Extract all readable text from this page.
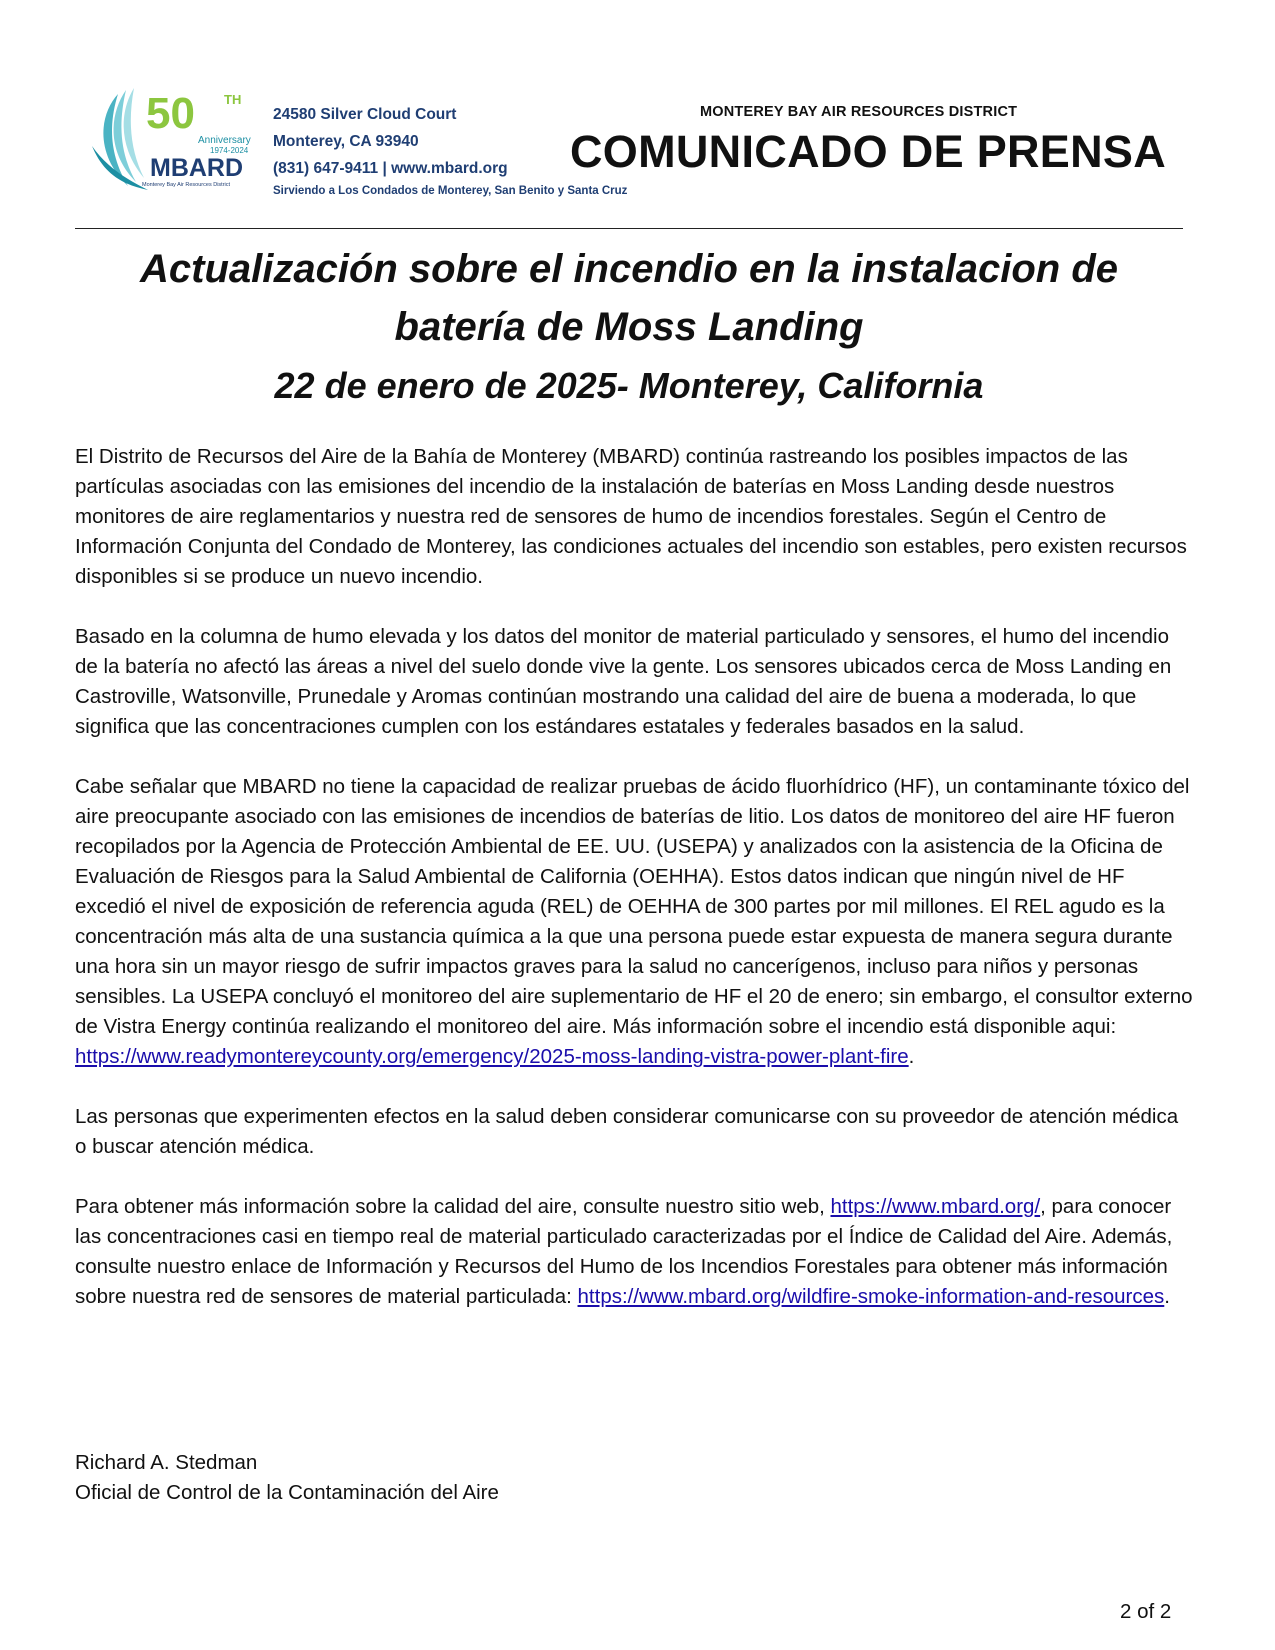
50 TH
Anniversary
1974-2024
MBARD
Monterey Bay Air Resources District
24580 Silver Cloud Court
Monterey, CA 93940
(831) 647-9411 | www.mbard.org
Sirviendo a Los Condados de Monterey, San Benito y Santa Cruz
MONTEREY BAY AIR RESOURCES DISTRICT
COMUNICADO DE PRENSA
Actualización sobre el incendio en la instalacion de
batería de Moss Landing
22 de enero de 2025- Monterey, California

El Distrito de Recursos del Aire de la Bahía de Monterey (MBARD) continúa rastreando los posibles impactos de las partículas asociadas con las emisiones del incendio de la instalación de baterías en Moss Landing desde nuestros monitores de aire reglamentarios y nuestra red de sensores de humo de incendios forestales. Según el Centro de Información Conjunta del Condado de Monterey, las condiciones actuales del incendio son estables, pero existen recursos disponibles si se produce un nuevo incendio.

Basado en la columna de humo elevada y los datos del monitor de material particulado y sensores, el humo del incendio de la batería no afectó las áreas a nivel del suelo donde vive la gente. Los sensores ubicados cerca de Moss Landing en Castroville, Watsonville, Prunedale y Aromas continúan mostrando una calidad del aire de buena a moderada, lo que significa que las concentraciones cumplen con los estándares estatales y federales basados en la salud.

Cabe señalar que MBARD no tiene la capacidad de realizar pruebas de ácido fluorhídrico (HF), un contaminante tóxico del aire preocupante asociado con las emisiones de incendios de baterías de litio. Los datos de monitoreo del aire HF fueron recopilados por la Agencia de Protección Ambiental de EE. UU. (USEPA) y analizados con la asistencia de la Oficina de Evaluación de Riesgos para la Salud Ambiental de California (OEHHA). Estos datos indican que ningún nivel de HF excedió el nivel de exposición de referencia aguda (REL) de OEHHA de 300 partes por mil millones. El REL agudo es la concentración más alta de una sustancia química a la que una persona puede estar expuesta de manera segura durante una hora sin un mayor riesgo de sufrir impactos graves para la salud no cancerígenos, incluso para niños y personas sensibles. La USEPA concluyó el monitoreo del aire suplementario de HF el 20 de enero; sin embargo, el consultor externo de Vistra Energy continúa realizando el monitoreo del aire. Más información sobre el incendio está disponible aqui: https://www.readymontereycounty.org/emergency/2025-moss-landing-vistra-power-plant-fire.

Las personas que experimenten efectos en la salud deben considerar comunicarse con su proveedor de atención médica o buscar atención médica.

Para obtener más información sobre la calidad del aire, consulte nuestro sitio web, https://www.mbard.org/, para conocer las concentraciones casi en tiempo real de material particulado caracterizadas por el Índice de Calidad del Aire. Además, consulte nuestro enlace de Información y Recursos del Humo de los Incendios Forestales para obtener más información sobre nuestra red de sensores de material particulada: https://www.mbard.org/wildfire-smoke-information-and-resources.

Richard A. Stedman
Oficial de Control de la Contaminación del Aire
2 of 2
